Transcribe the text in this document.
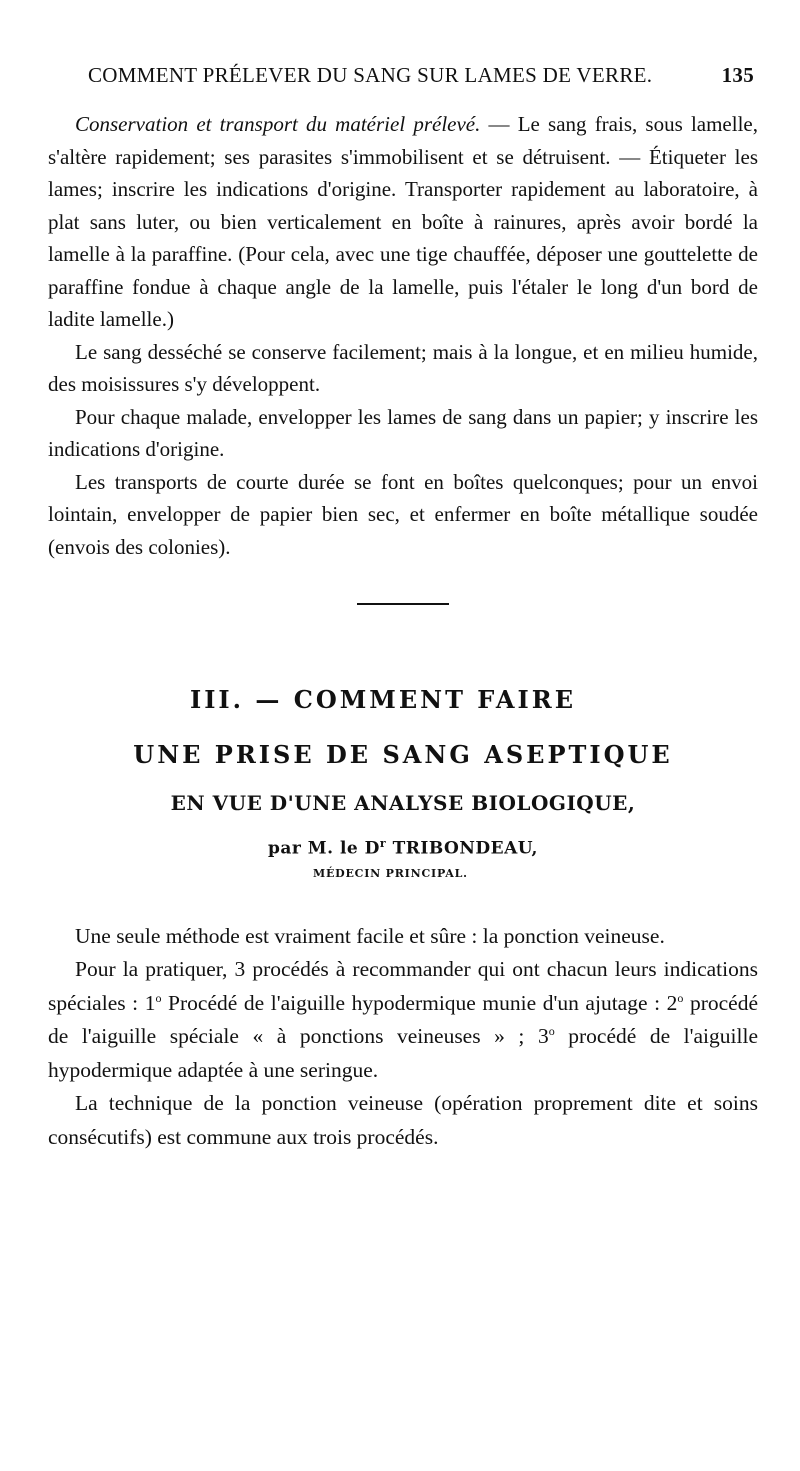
COMMENT PRÉLEVER DU SANG SUR LAMES DE VERRE.	135

Conservation et transport du matériel prélevé. — Le sang frais, sous lamelle, s'altère rapidement; ses parasites s'immobilisent et se détruisent. — Étiqueter les lames; inscrire les indications d'origine. Transporter rapidement au laboratoire, à plat sans luter, ou bien verticalement en boîte à rainures, après avoir bordé la lamelle à la paraffine. (Pour cela, avec une tige chauffée, déposer une gouttelette de paraffine fondue à chaque angle de la lamelle, puis l'étaler le long d'un bord de ladite lamelle.)

Le sang desséché se conserve facilement; mais à la longue, et en milieu humide, des moisissures s'y développent.

Pour chaque malade, envelopper les lames de sang dans un papier; y inscrire les indications d'origine.

Les transports de courte durée se font en boîtes quelconques; pour un envoi lointain, envelopper de papier bien sec, et enfermer en boîte métallique soudée (envois des colonies).

III. — COMMENT FAIRE
UNE PRISE DE SANG ASEPTIQUE
EN VUE D'UNE ANALYSE BIOLOGIQUE,
par M. le $D^r$ TRIBONDEAU,
MÉDECIN PRINCIPAL.

Une seule méthode est vraiment facile et sûre : la ponction veineuse.

Pour la pratiquer, 3 procédés à recommander qui ont chacun leurs indications spéciales : 1$^o$ Procédé de l'aiguille hypodermique munie d'un ajutage : 2$^o$ procédé de l'aiguille spéciale « à ponctions veineuses » ; 3$^o$ procédé de l'aiguille hypodermique adaptée à une seringue.

La technique de la ponction veineuse (opération proprement dite et soins consécutifs) est commune aux trois procédés.
